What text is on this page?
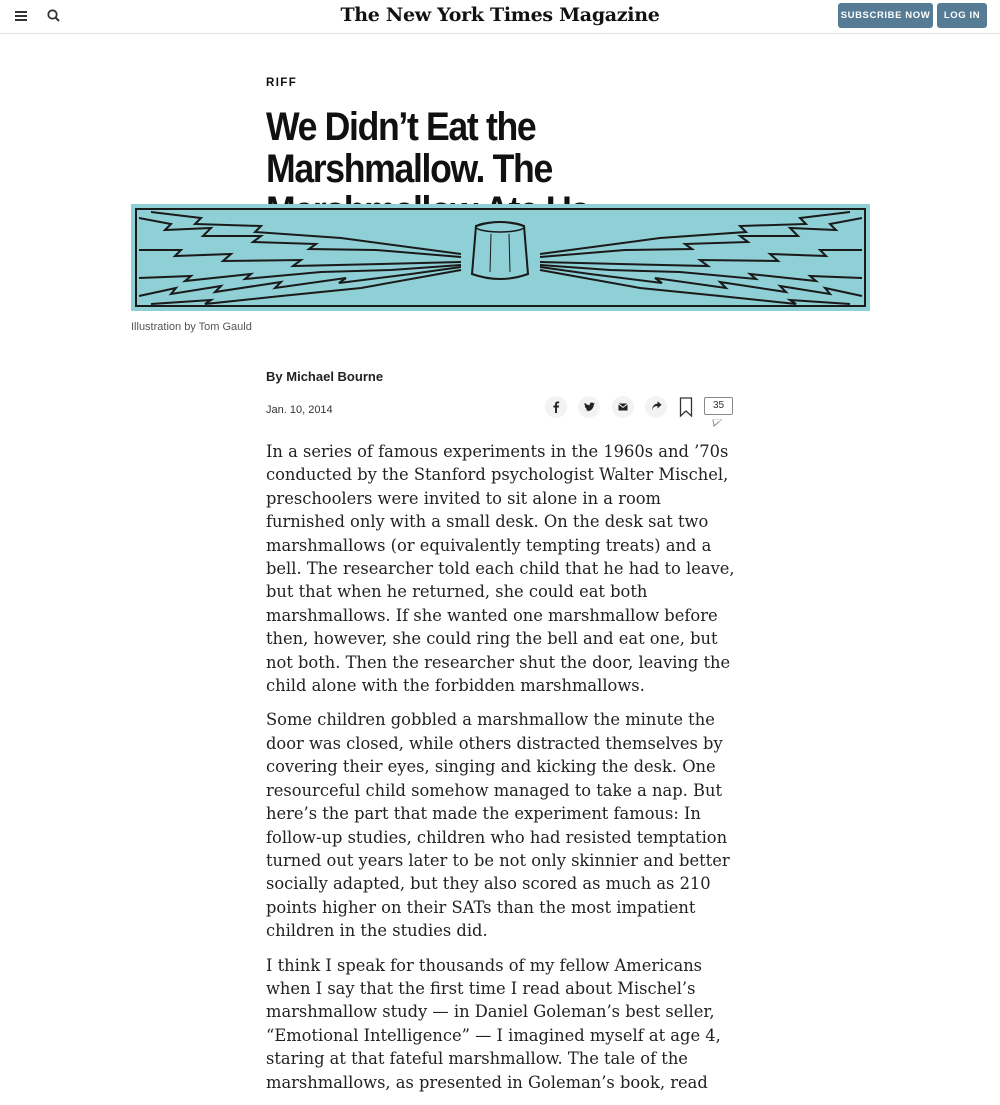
The New York Times Magazine	SUBSCRIBE NOW	LOG IN
RIFF
We Didn’t Eat the Marshmallow. The
Illustration by Tom Gauld
By Michael Bourne
Jan. 10, 2014	35

In a series of famous experiments in the 1960s and ’70s conducted by the Stanford psychologist Walter Mischel, preschoolers were invited to sit alone in a room furnished only with a small desk. On the desk sat two marshmallows (or equivalently tempting treats) and a bell. The researcher told each child that he had to leave, but that when he returned, she could eat both marshmallows. If she wanted one marshmallow before then, however, she could ring the bell and eat one, but not both. Then the researcher shut the door, leaving the child alone with the forbidden marshmallows.

Some children gobbled a marshmallow the minute the door was closed, while others distracted themselves by covering their eyes, singing and kicking the desk. One resourceful child somehow managed to take a nap. But here’s the part that made the experiment famous: In follow-up studies, children who had resisted temptation turned out years later to be not only skinnier and better socially adapted, but they also scored as much as 210 points higher on their SATs than the most impatient children in the studies did.

I think I speak for thousands of my fellow Americans when I say that the first time I read about Mischel’s marshmallow study — in Daniel Goleman’s best seller, “Emotional Intelligence” — I imagined myself at age 4, staring at that fateful marshmallow. The tale of the marshmallows, as presented in Goleman’s book, read
